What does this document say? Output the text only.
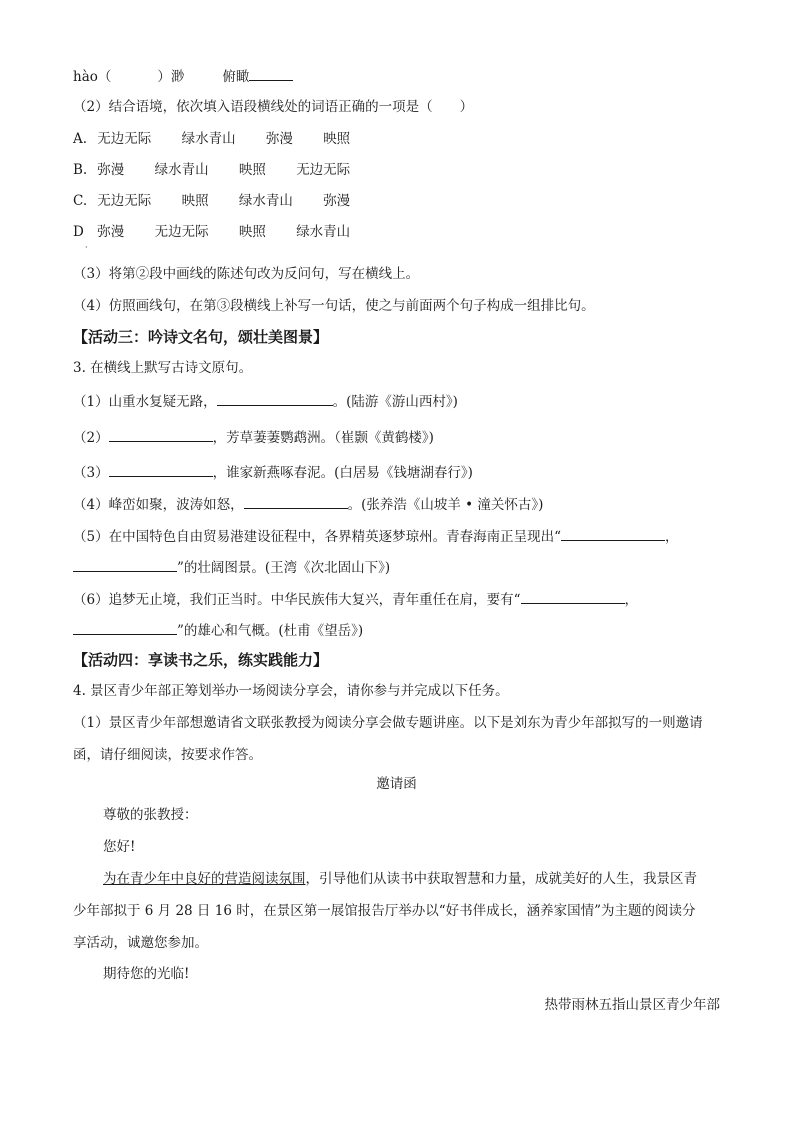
hào（	）渺	俯瞰
（2）结合语境，依次填入语段横线处的词语正确的一项是（　　）
A. 无边无际 绿水青山 弥漫 映照
B. 弥漫 绿水青山 映照 无边无际
C. 无边无际 映照 绿水青山 弥漫
D 弥漫 无边无际 映照 绿水青山
·
（3）将第②段中画线的陈述句改为反问句，写在横线上。
（4）仿照画线句，在第③段横线上补写一句话，使之与前面两个句子构成一组排比句。
【活动三：吟诗文名句，颂壮美图景】
3. 在横线上默写古诗文原句。
（1）山重水复疑无路，	。(陆游《游山西村》)
（2）	，芳草萋萋鹦鹉洲。（崔颢《黄鹤楼》)
（3）	，谁家新燕啄春泥。(白居易《钱塘湖春行》)
（4）峰峦如聚，波涛如怒，	。(张养浩《山坡羊 • 潼关怀古》)
（5）在中国特色自由贸易港建设征程中，各界精英逐梦琼州。青春海南正呈现出“	，
”的壮阔图景。(王湾《次北固山下》)
（6）追梦无止境，我们正当时。中华民族伟大复兴，青年重任在肩，要有“	，
”的雄心和气概。(杜甫《望岳》)
【活动四：享读书之乐，练实践能力】
4. 景区青少年部正筹划举办一场阅读分享会，请你参与并完成以下任务。
（1）景区青少年部想邀请省文联张教授为阅读分享会做专题讲座。以下是刘东为青少年部拟写的一则邀请
函，请仔细阅读，按要求作答。
邀请函
尊敬的张教授：
您好!
为在青少年中良好的营造阅读氛围，引导他们从读书中获取智慧和力量，成就美好的人生，我景区青
少年部拟于 6 月 28 日 16 时，在景区第一展馆报告厅举办以“好书伴成长，涵养家国情”为主题的阅读分
享活动，诚邀您参加。
期待您的光临!
热带雨林五指山景区青少年部
